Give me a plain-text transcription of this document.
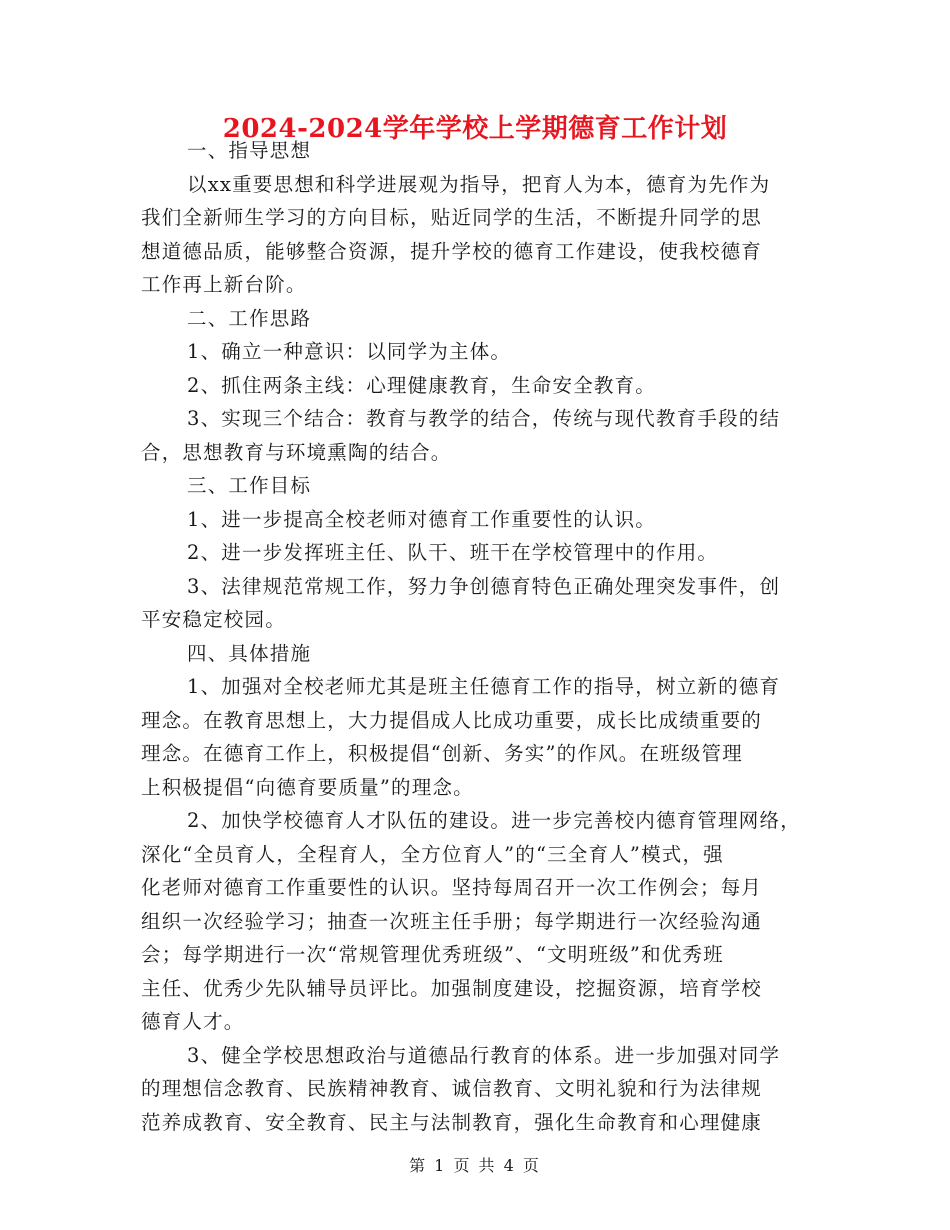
2024-2024学年学校上学期德育工作计划
一、指导思想
以xx重要思想和科学进展观为指导，把育人为本，德育为先作为
我们全新师生学习的方向目标，贴近同学的生活，不断提升同学的思
想道德品质，能够整合资源，提升学校的德育工作建设，使我校德育
工作再上新台阶。
二、工作思路
1、确立一种意识：以同学为主体。
2、抓住两条主线：心理健康教育，生命安全教育。
3、实现三个结合：教育与教学的结合，传统与现代教育手段的结
合，思想教育与环境熏陶的结合。
三、工作目标
1、进一步提高全校老师对德育工作重要性的认识。
2、进一步发挥班主任、队干、班干在学校管理中的作用。
3、法律规范常规工作，努力争创德育特色正确处理突发事件，创
平安稳定校园。
四、具体措施
1、加强对全校老师尤其是班主任德育工作的指导，树立新的德育
理念。在教育思想上，大力提倡成人比成功重要，成长比成绩重要的
理念。在德育工作上，积极提倡“创新、务实”的作风。在班级管理
上积极提倡“向德育要质量”的理念。
2、加快学校德育人才队伍的建设。进一步完善校内德育管理网络，
深化“全员育人，全程育人，全方位育人”的“三全育人”模式，强
化老师对德育工作重要性的认识。坚持每周召开一次工作例会；每月
组织一次经验学习；抽查一次班主任手册；每学期进行一次经验沟通
会；每学期进行一次“常规管理优秀班级”、“文明班级”和优秀班
主任、优秀少先队辅导员评比。加强制度建设，挖掘资源，培育学校
德育人才。
3、健全学校思想政治与道德品行教育的体系。进一步加强对同学
的理想信念教育、民族精神教育、诚信教育、文明礼貌和行为法律规
范养成教育、安全教育、民主与法制教育，强化生命教育和心理健康
第 1 页 共 4 页
